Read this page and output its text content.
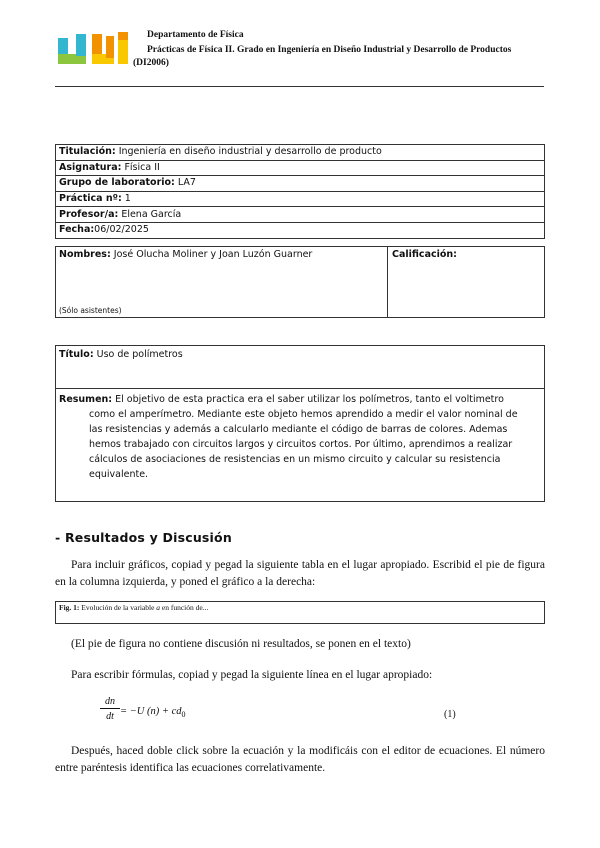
Departamento de Física
Prácticas de Física II. Grado en Ingeniería en Diseño Industrial y Desarrollo de Productos
(DI2006)
Titulación: Ingeniería en diseño industrial y desarrollo de producto
Asignatura: Física II
Grupo de laboratorio: LA7
Práctica nº: 1
Profesor/a: Elena García
Fecha:06/02/2025
Nombres: José Olucha Moliner y Joan Luzón Guarner
(Sólo asistentes)
Calificación:
Título: Uso de polímetros
Resumen: El objetivo de esta practica era el saber utilizar los polímetros, tanto el voltimetro
como el amperímetro. Mediante este objeto hemos aprendido a medir el valor nominal de
las resistencias y además a calcularlo mediante el código de barras de colores. Ademas
hemos trabajado con circuitos largos y circuitos cortos. Por último, aprendimos a realizar
cálculos de asociaciones de resistencias en un mismo circuito y calcular su resistencia
equivalente.
- Resultados y Discusión
Para incluir gráficos, copiad y pegad la siguiente tabla en el lugar apropiado. Escribid el pie de figura en la columna izquierda, y poned el gráfico a la derecha:
Fig. 1: Evolución de la variable a en función de...
(El pie de figura no contiene discusión ni resultados, se ponen en el texto)
Para escribir fórmulas, copiad y pegad la siguiente línea en el lugar apropiado:
$\frac{dn}{dt} = -U$ $(n) + cd_0$	(1)
Después, haced doble click sobre la ecuación y la modificáis con el editor de ecuaciones. El número entre paréntesis identifica las ecuaciones correlativamente.
